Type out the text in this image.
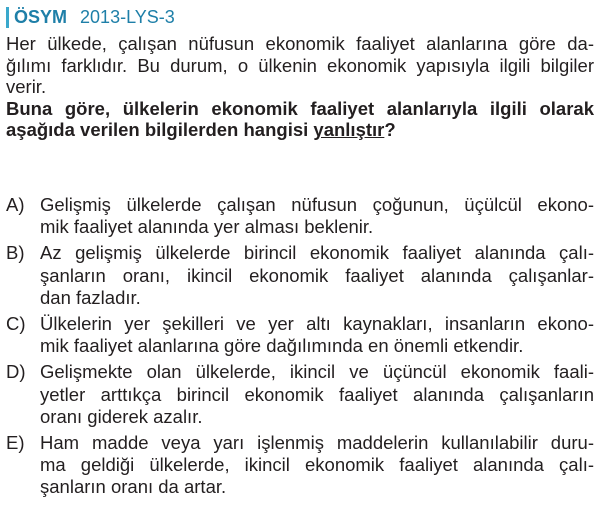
ÖSYM 2013-LYS-3
Her ülkede, çalışan nüfusun ekonomik faaliyet alanlarına göre da-
ğılımı farklıdır. Bu durum, o ülkenin ekonomik yapısıyla ilgili bilgiler
verir.
Buna göre, ülkelerin ekonomik faaliyet alanlarıyla ilgili olarak
aşağıda verilen bilgilerden hangisi yanlıştır?
A) Gelişmiş ülkelerde çalışan nüfusun çoğunun, üçülcül ekono-
mik faaliyet alanında yer alması beklenir.
B) Az gelişmiş ülkelerde birincil ekonomik faaliyet alanında çalı-
şanların oranı, ikincil ekonomik faaliyet alanında çalışanlar-
dan fazladır.
C) Ülkelerin yer şekilleri ve yer altı kaynakları, insanların ekono-
mik faaliyet alanlarına göre dağılımında en önemli etkendir.
D) Gelişmekte olan ülkelerde, ikincil ve üçüncül ekonomik faali-
yetler arttıkça birincil ekonomik faaliyet alanında çalışanların
oranı giderek azalır.
E) Ham madde veya yarı işlenmiş maddelerin kullanılabilir duru-
ma geldiği ülkelerde, ikincil ekonomik faaliyet alanında çalı-
şanların oranı da artar.
